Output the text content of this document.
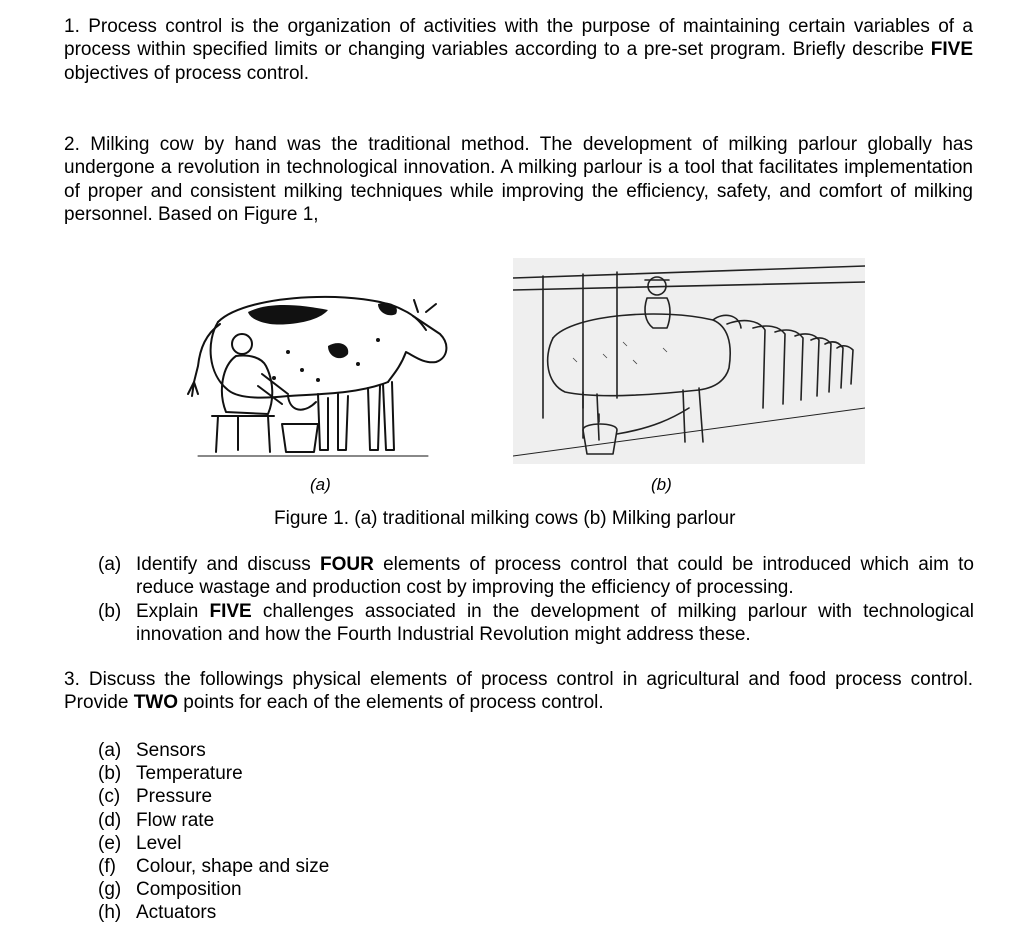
1. Process control is the organization of activities with the purpose of maintaining certain variables of a process within specified limits or changing variables according to a pre-set program. Briefly describe FIVE objectives of process control.

2. Milking cow by hand was the traditional method. The development of milking parlour globally has undergone a revolution in technological innovation. A milking parlour is a tool that facilitates implementation of proper and consistent milking techniques while improving the efficiency, safety, and comfort of milking personnel. Based on Figure 1,

(a)	(b)
Figure 1. (a) traditional milking cows (b) Milking parlour
(a) Identify and discuss FOUR elements of process control that could be introduced which aim to reduce wastage and production cost by improving the efficiency of processing.
(b) Explain FIVE challenges associated in the development of milking parlour with technological innovation and how the Fourth Industrial Revolution might address these.

3. Discuss the followings physical elements of process control in agricultural and food process control. Provide TWO points for each of the elements of process control.

(a) Sensors
(b) Temperature
(c) Pressure
(d) Flow rate
(e) Level
(f) Colour, shape and size
(g) Composition
(h) Actuators
